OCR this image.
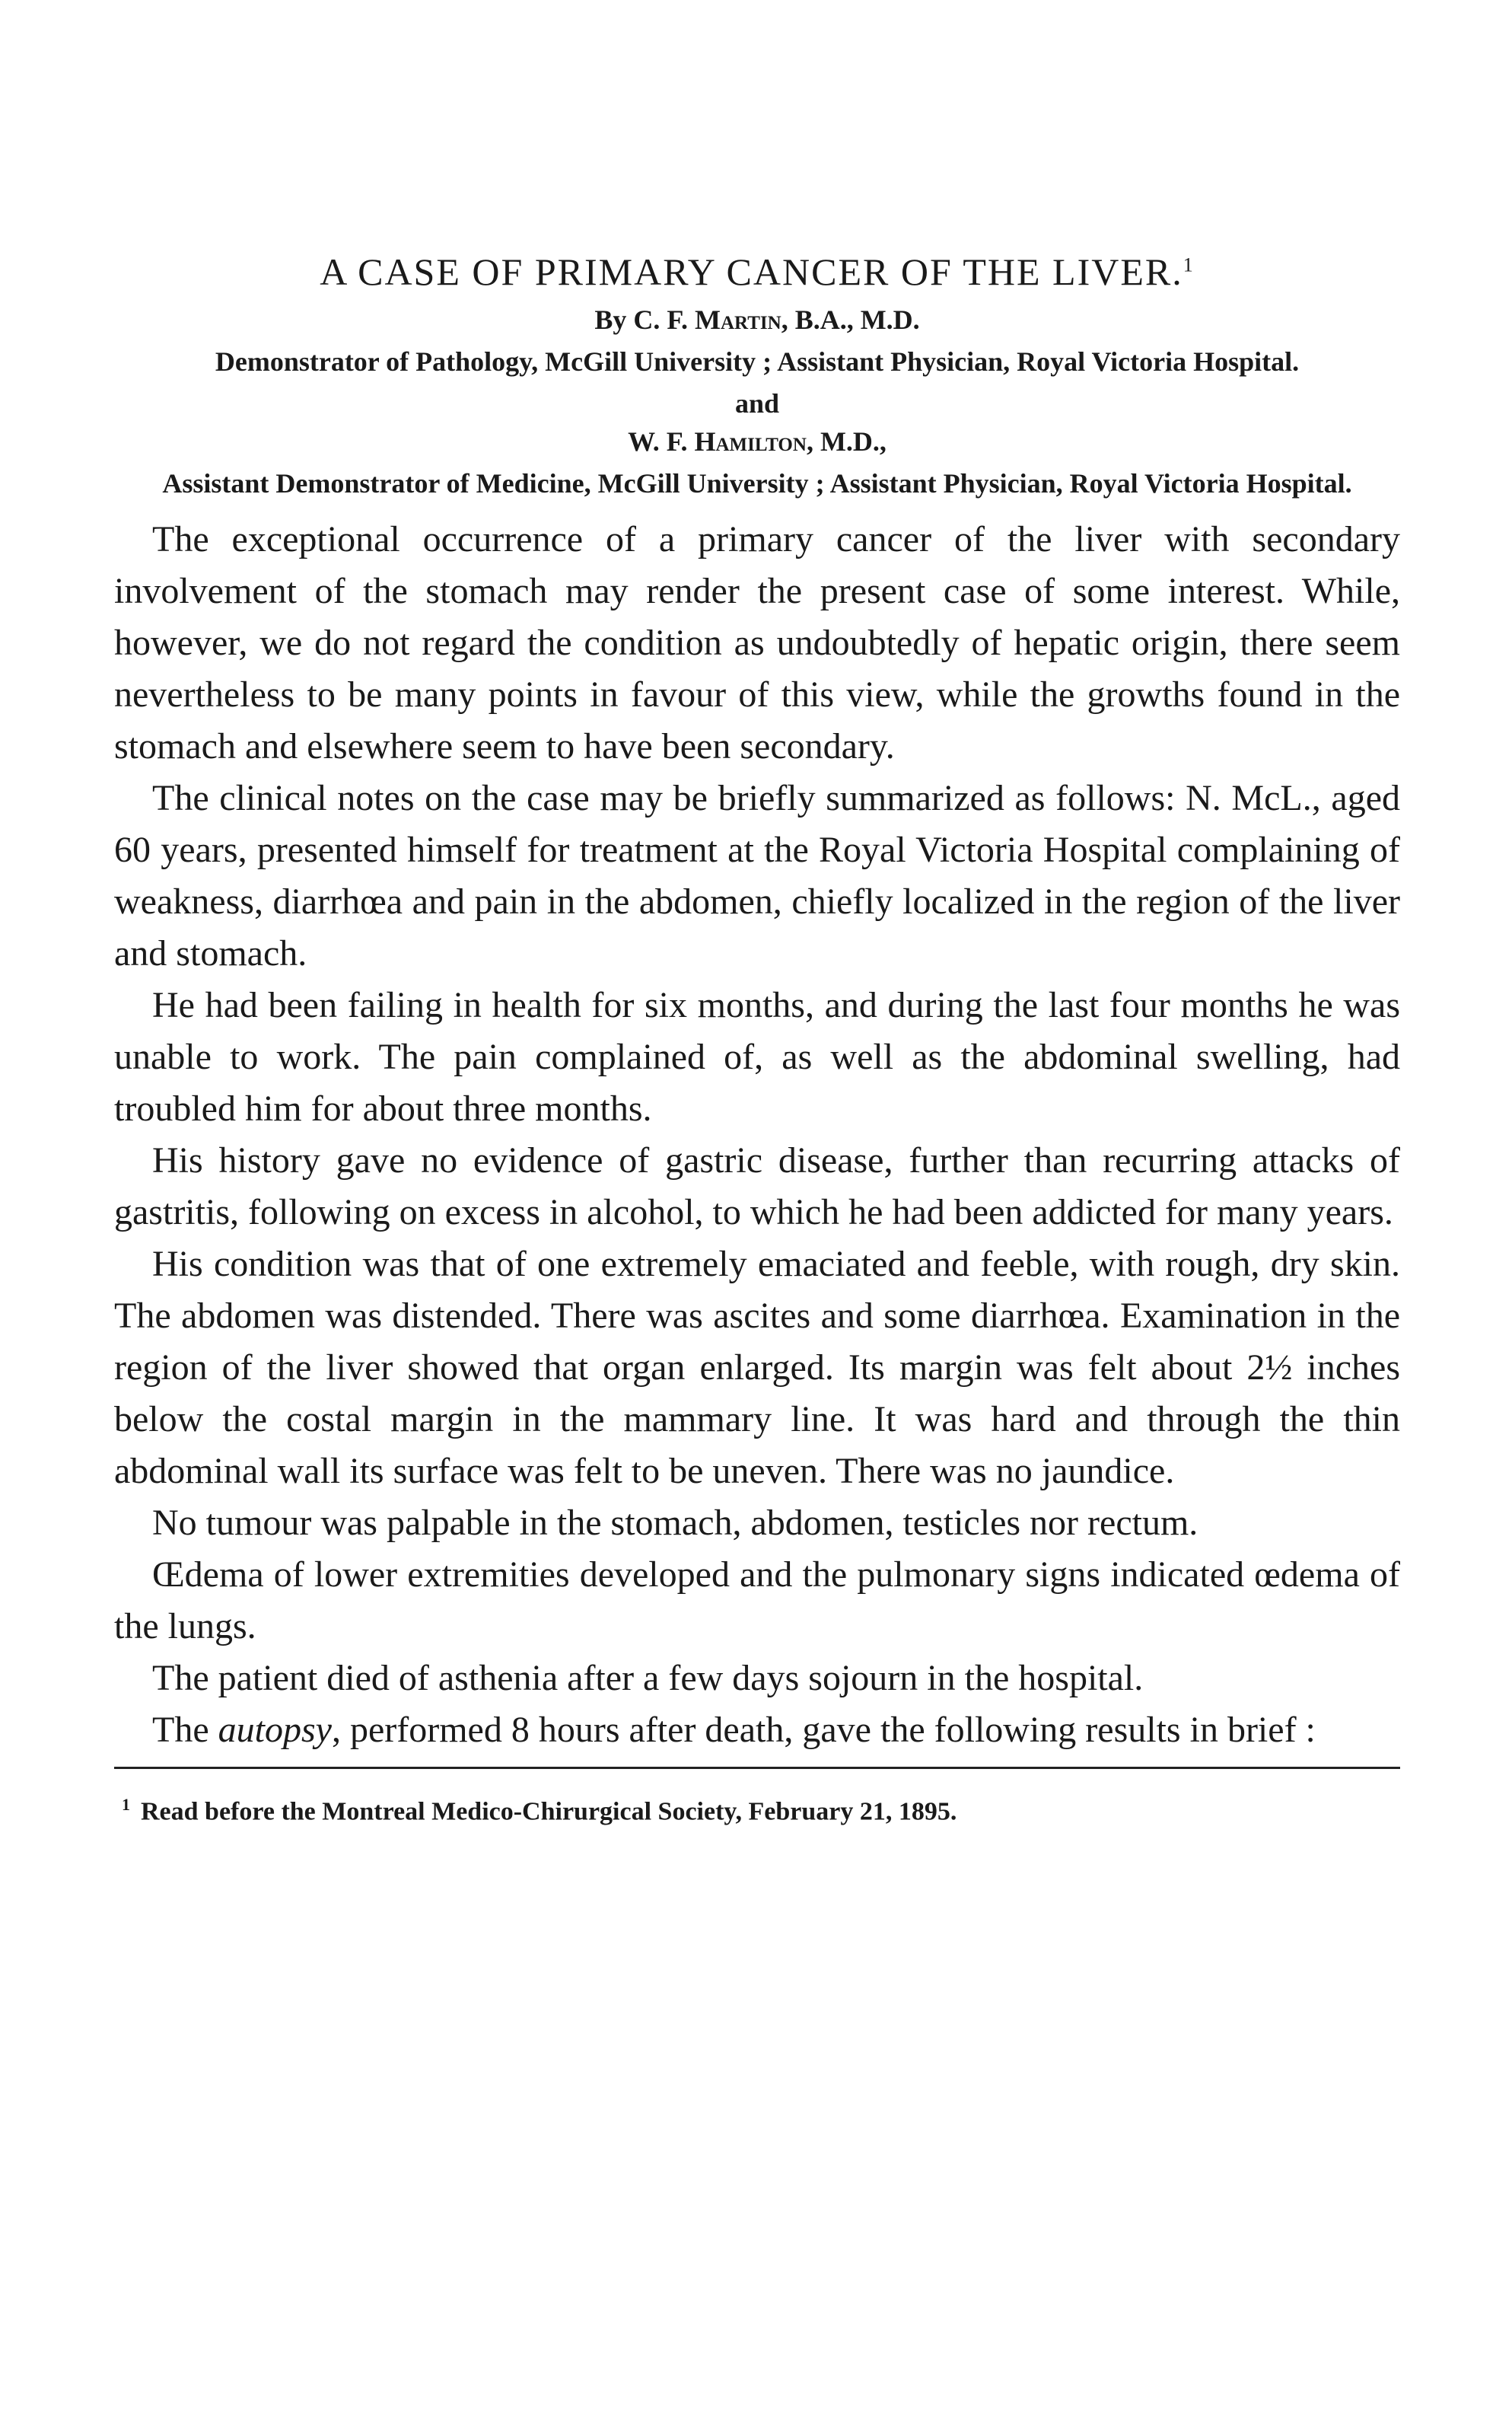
A CASE OF PRIMARY CANCER OF THE LIVER.$^1$

By C. F. Martin, B.A., M.D.

Demonstrator of Pathology, McGill University ; Assistant Physician, Royal Victoria Hospital.

and

W. F. Hamilton, M.D.,

Assistant Demonstrator of Medicine, McGill University ; Assistant Physician, Royal Victoria Hospital.

The exceptional occurrence of a primary cancer of the liver with secondary involvement of the stomach may render the present case of some interest. While, however, we do not regard the condition as undoubtedly of hepatic origin, there seem nevertheless to be many points in favour of this view, while the growths found in the stomach and elsewhere seem to have been secondary.

The clinical notes on the case may be briefly summarized as follows: N. McL., aged 60 years, presented himself for treatment at the Royal Victoria Hospital complaining of weakness, diarrhœa and pain in the abdomen, chiefly localized in the region of the liver and stomach.

He had been failing in health for six months, and during the last four months he was unable to work. The pain complained of, as well as the abdominal swelling, had troubled him for about three months.

His history gave no evidence of gastric disease, further than recurring attacks of gastritis, following on excess in alcohol, to which he had been addicted for many years.

His condition was that of one extremely emaciated and feeble, with rough, dry skin. The abdomen was distended. There was ascites and some diarrhœa. Examination in the region of the liver showed that organ enlarged. Its margin was felt about 2½ inches below the costal margin in the mammary line. It was hard and through the thin abdominal wall its surface was felt to be uneven. There was no jaundice.

No tumour was palpable in the stomach, abdomen, testicles nor rectum.

Œdema of lower extremities developed and the pulmonary signs indicated œdema of the lungs.

The patient died of asthenia after a few days sojourn in the hospital.

The autopsy, performed 8 hours after death, gave the following results in brief :

$^1$ Read before the Montreal Medico-Chirurgical Society, February 21, 1895.
